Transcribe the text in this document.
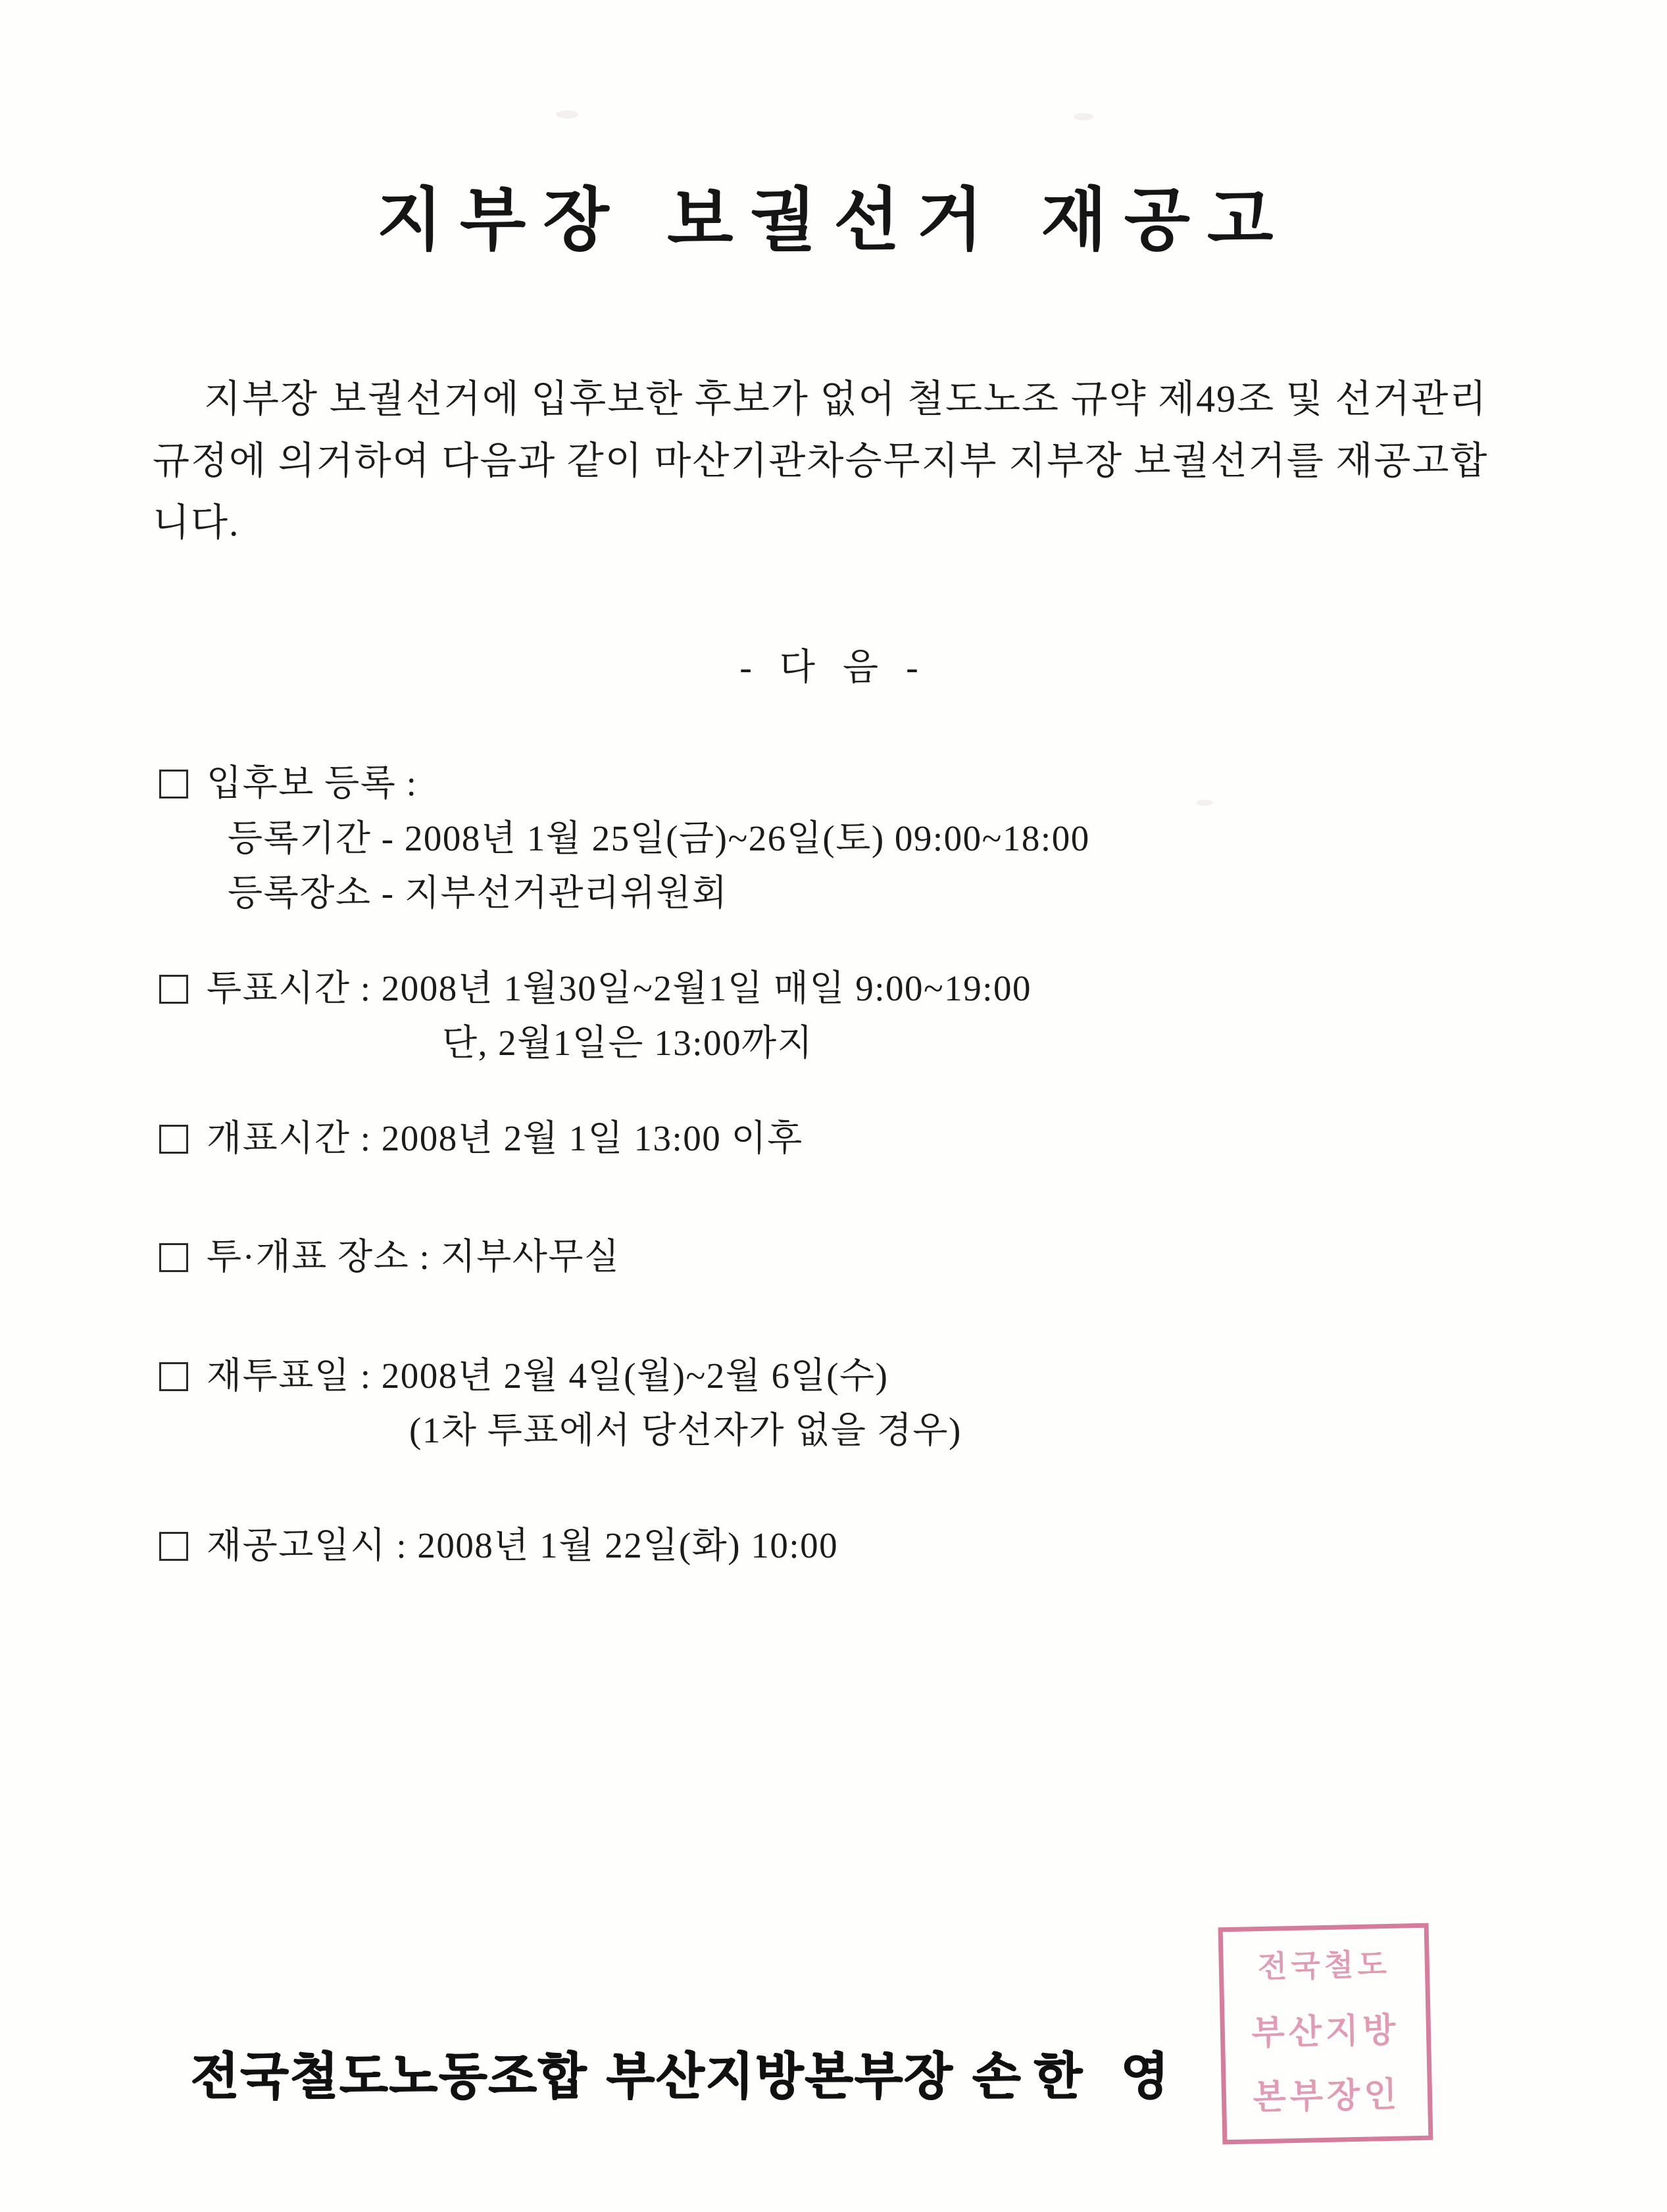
지부장 보궐선거 재공고
지부장 보궐선거에 입후보한 후보가 없어 철도노조 규약 제49조 및 선거관리규정에 의거하여 다음과 같이 마산기관차승무지부 지부장 보궐선거를 재공고합니다.
- 다 음 -
입후보 등록 :
등록기간 - 2008년 1월 25일(금)~26일(토) 09:00~18:00
등록장소 - 지부선거관리위원회
투표시간 : 2008년 1월30일~2월1일 매일 9:00~19:00
단, 2월1일은 13:00까지
개표시간 : 2008년 2월 1일 13:00 이후
투·개표 장소 : 지부사무실
재투표일 : 2008년 2월 4일(월)~2월 6일(수)
(1차 투표에서 당선자가 없을 경우)
재공고일시 : 2008년 1월 22일(화) 10:00
전국철도노동조합 부산지방본부장 손 한 영
전국철도
부산지방
본부장인
